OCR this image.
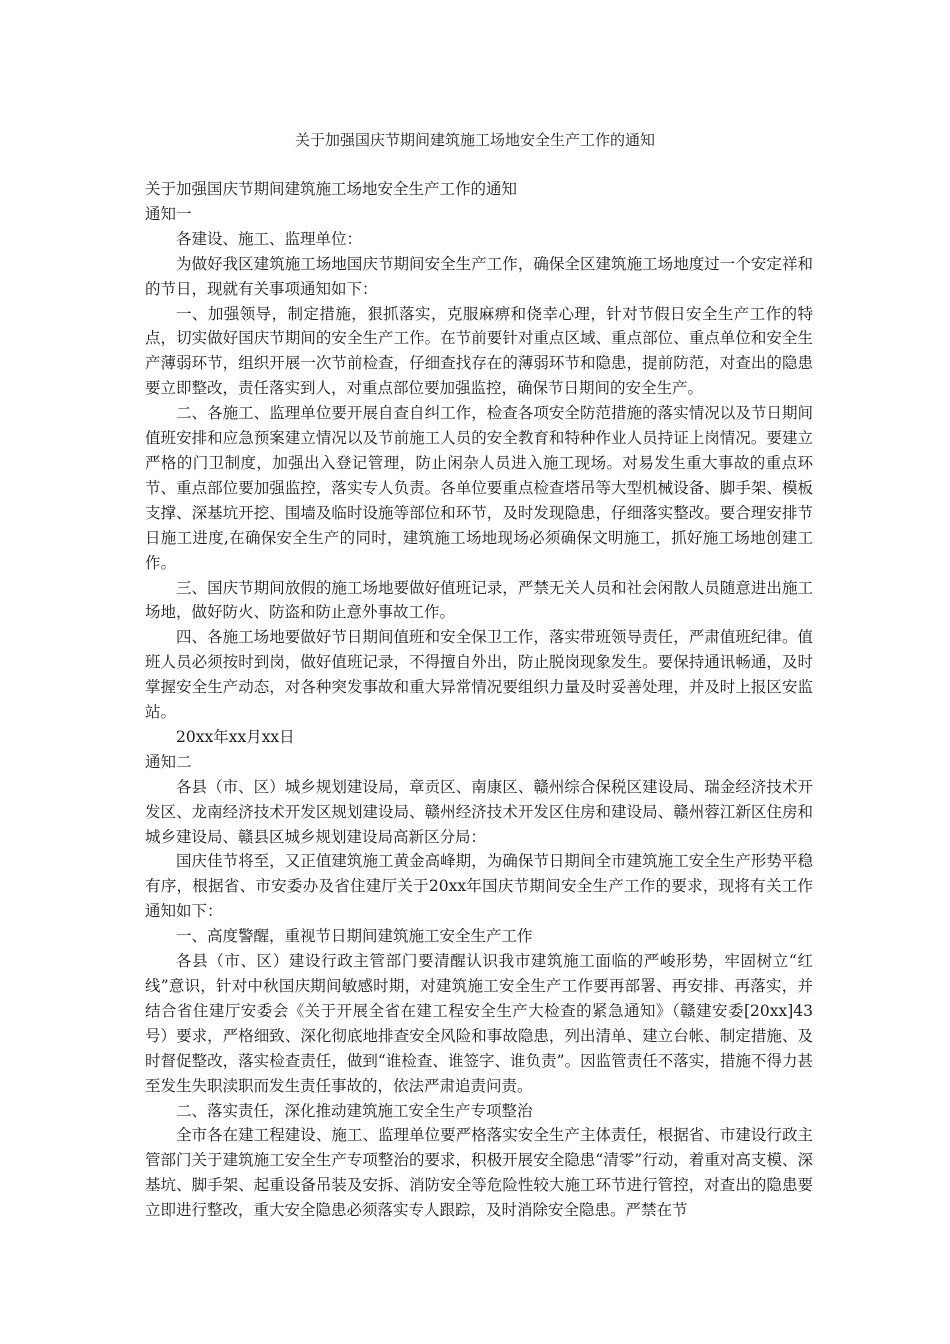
关于加强国庆节期间建筑施工场地安全生产工作的通知

关于加强国庆节期间建筑施工场地安全生产工作的通知

通知一

各建设、施工、监理单位：

为做好我区建筑施工场地国庆节期间安全生产工作，确保全区建筑施工场地度过一个安定祥和的节日，现就有关事项通知如下：

一、加强领导，制定措施，狠抓落实，克服麻痹和侥幸心理，针对节假日安全生产工作的特点，切实做好国庆节期间的安全生产工作。在节前要针对重点区域、重点部位、重点单位和安全生产薄弱环节，组织开展一次节前检查，仔细查找存在的薄弱环节和隐患，提前防范，对查出的隐患要立即整改，责任落实到人，对重点部位要加强监控，确保节日期间的安全生产。

二、各施工、监理单位要开展自查自纠工作，检查各项安全防范措施的落实情况以及节日期间值班安排和应急预案建立情况以及节前施工人员的安全教育和特种作业人员持证上岗情况。要建立严格的门卫制度，加强出入登记管理，防止闲杂人员进入施工现场。对易发生重大事故的重点环节、重点部位要加强监控，落实专人负责。各单位要重点检查塔吊等大型机械设备、脚手架、模板支撑、深基坑开挖、围墙及临时设施等部位和环节，及时发现隐患，仔细落实整改。要合理安排节日施工进度,在确保安全生产的同时，建筑施工场地现场必须确保文明施工，抓好施工场地创建工作。

三、国庆节期间放假的施工场地要做好值班记录，严禁无关人员和社会闲散人员随意进出施工场地，做好防火、防盗和防止意外事故工作。

四、各施工场地要做好节日期间值班和安全保卫工作，落实带班领导责任，严肃值班纪律。值班人员必须按时到岗，做好值班记录，不得擅自外出，防止脱岗现象发生。要保持通讯畅通，及时掌握安全生产动态，对各种突发事故和重大异常情况要组织力量及时妥善处理，并及时上报区安监站。

20xx年xx月xx日

通知二

各县（市、区）城乡规划建设局，章贡区、南康区、赣州综合保税区建设局、瑞金经济技术开发区、龙南经济技术开发区规划建设局、赣州经济技术开发区住房和建设局、赣州蓉江新区住房和城乡建设局、赣县区城乡规划建设局高新区分局：

国庆佳节将至，又正值建筑施工黄金高峰期，为确保节日期间全市建筑施工安全生产形势平稳有序，根据省、市安委办及省住建厅关于20xx年国庆节期间安全生产工作的要求，现将有关工作通知如下：

一、高度警醒，重视节日期间建筑施工安全生产工作

各县（市、区）建设行政主管部门要清醒认识我市建筑施工面临的严峻形势，牢固树立“红线”意识，针对中秋国庆期间敏感时期，对建筑施工安全生产工作要再部署、再安排、再落实，并结合省住建厅安委会《关于开展全省在建工程安全生产大检查的紧急通知》（赣建安委[20xx]43号）要求，严格细致、深化彻底地排查安全风险和事故隐患，列出清单、建立台帐、制定措施、及时督促整改，落实检查责任，做到“谁检查、谁签字、谁负责”。因监管责任不落实，措施不得力甚至发生失职渎职而发生责任事故的，依法严肃追责问责。

二、落实责任，深化推动建筑施工安全生产专项整治

全市各在建工程建设、施工、监理单位要严格落实安全生产主体责任，根据省、市建设行政主管部门关于建筑施工安全生产专项整治的要求，积极开展安全隐患“清零”行动，着重对高支模、深基坑、脚手架、起重设备吊装及安拆、消防安全等危险性较大施工环节进行管控，对查出的隐患要立即进行整改，重大安全隐患必须落实专人跟踪，及时消除安全隐患。严禁在节
